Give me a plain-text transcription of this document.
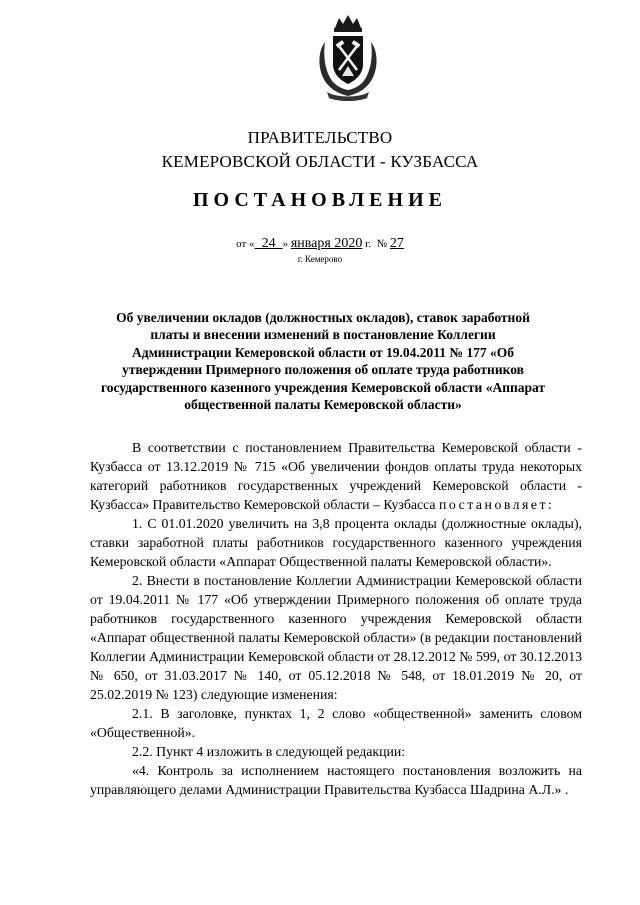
ПРАВИТЕЛЬСТВО
КЕМЕРОВСКОЙ ОБЛАСТИ - КУЗБАССА
ПОСТАНОВЛЕНИЕ
от «  24  » января 2020 г.  № 27
г. Кемерово
Об увеличении окладов (должностных окладов), ставок заработной платы и внесении изменений в постановление Коллегии Администрации Кемеровской области от 19.04.2011 № 177 «Об утверждении Примерного положения об оплате труда работников государственного казенного учреждения Кемеровской области «Аппарат общественной палаты Кемеровской области»

В соответствии с постановлением Правительства Кемеровской области - Кузбасса от 13.12.2019 № 715 «Об увеличении фондов оплаты труда некоторых категорий работников государственных учреждений Кемеровской области - Кузбасса» Правительство Кемеровской области – Кузбасса постановляет:

1. С 01.01.2020 увеличить на 3,8 процента оклады (должностные оклады), ставки заработной платы работников государственного казенного учреждения Кемеровской области «Аппарат Общественной палаты Кемеровской области».

2. Внести в постановление Коллегии Администрации Кемеровской области от 19.04.2011 № 177 «Об утверждении Примерного положения об оплате труда работников государственного казенного учреждения Кемеровской области «Аппарат общественной палаты Кемеровской области» (в редакции постановлений Коллегии Администрации Кемеровской области от 28.12.2012 № 599, от 30.12.2013 № 650, от 31.03.2017 № 140, от 05.12.2018 № 548, от 18.01.2019 № 20, от 25.02.2019 № 123) следующие изменения:

2.1. В заголовке, пунктах 1, 2 слово «общественной» заменить словом «Общественной».

2.2. Пункт 4 изложить в следующей редакции:

«4. Контроль за исполнением настоящего постановления возложить на управляющего делами Администрации Правительства Кузбасса Шадрина А.Л.» .
